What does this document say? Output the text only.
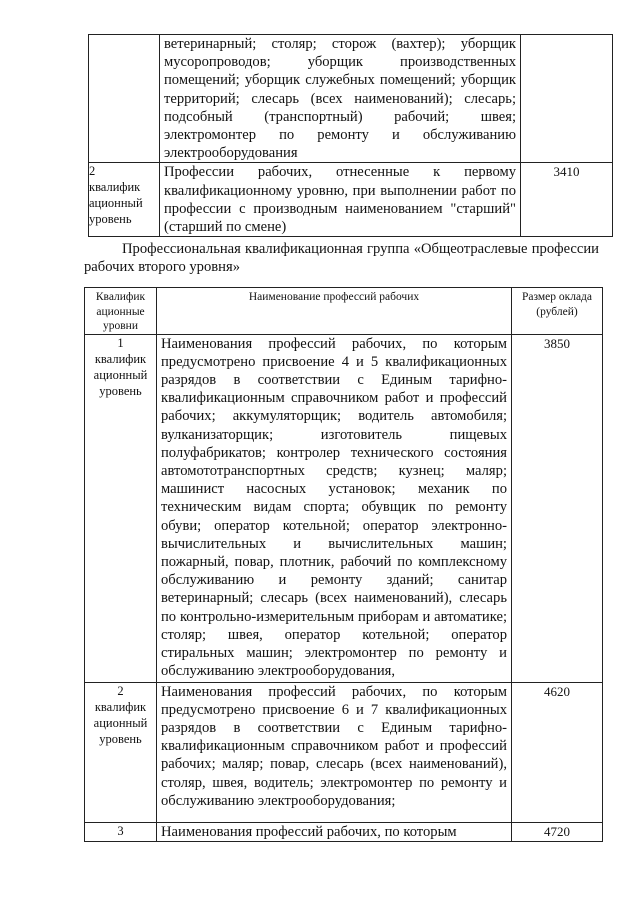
	ветеринарный; столяр; сторож (вахтер); уборщик мусоропроводов; уборщик производственных помещений; уборщик служебных помещений; уборщик территорий; слесарь (всех наименований); слесарь; подсобный (транспортный) рабочий; швея; электромонтер по ремонту и обслуживанию электрооборудования	

2
квалифик ационный уровень	Профессии рабочих, отнесенные к первому квалификационному уровню, при выполнении работ по профессии с производным наименованием "старший" (старший по смене)	3410
Профессиональная квалификационная группа «Общеотраслевые профессии рабочих второго уровня»
Квалифик ационные уровни	Наименование профессий рабочих	Размер оклада (рублей)

1
квалифик ационный уровень	Наименования профессий рабочих, по которым предусмотрено присвоение 4 и 5 квалификационных разрядов в соответствии с Единым тарифно-квалификационным справочником работ и профессий рабочих; аккумуляторщик; водитель автомобиля; вулканизаторщик; изготовитель пищевых полуфабрикатов; контролер технического состояния автомототранспортных средств; кузнец; маляр; машинист насосных установок; механик по техническим видам спорта; обувщик по ремонту обуви; оператор котельной; оператор электронно-вычислительных и вычислительных машин; пожарный, повар, плотник, рабочий по комплексному обслуживанию и ремонту зданий; санитар ветеринарный; слесарь (всех наименований), слесарь по контрольно-измерительным приборам и автоматике; столяр; швея, оператор котельной; оператор стиральных машин; электромонтер по ремонту и обслуживанию электрооборудования,	3850

2
квалифик ационный уровень	Наименования профессий рабочих, по которым предусмотрено присвоение 6 и 7 квалификационных разрядов в соответствии с Единым тарифно-квалификационным справочником работ и профессий рабочих; маляр; повар, слесарь (всех наименований), столяр, швея, водитель; электромонтер по ремонту и обслуживанию электрооборудования;	4620

3	Наименования профессий рабочих, по которым	4720
